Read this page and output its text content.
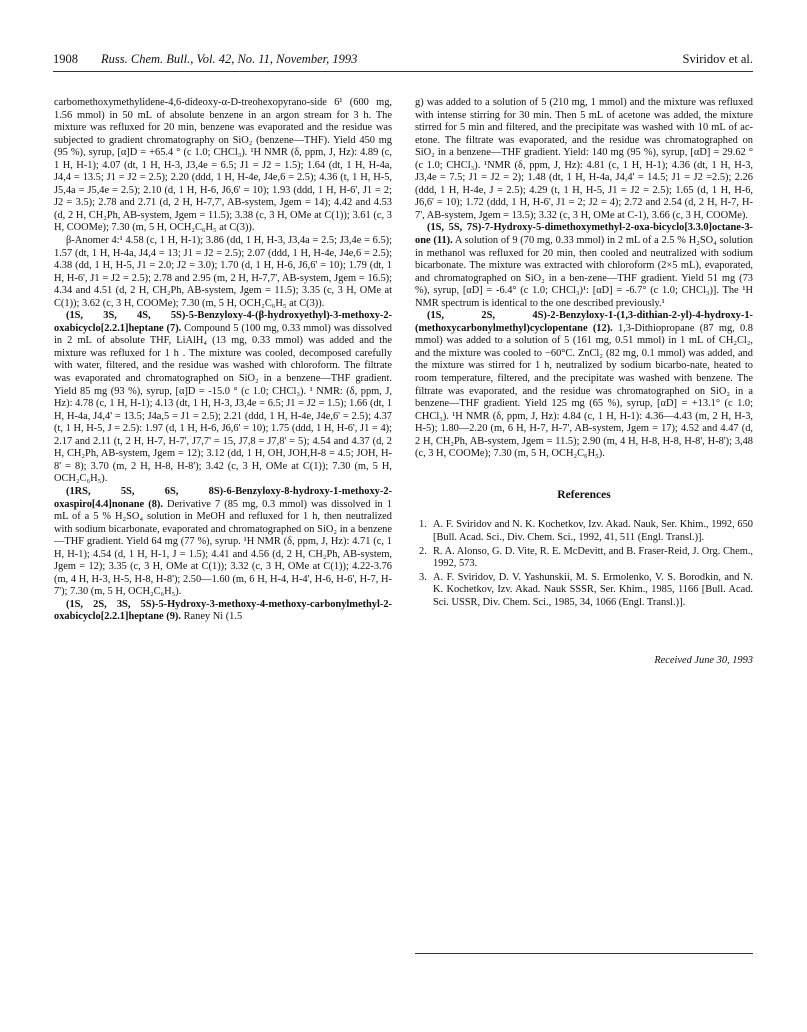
1908 Russ. Chem. Bull., Vol. 42, No. 11, November, 1993	Sviridov et al.

carbomethoxymethylidene-4,6-dideoxy-α-D-treohexopyrano-side 6¹ (600 mg, 1.56 mmol) in 50 mL of absolute benzene in an argon stream for 3 h. The mixture was refluxed for 20 min, benzene was evaporated and the residue was subjected to gradient chromatography on SiO₂ (benzene—THF). Yield 450 mg (95 %), syrup, [α]D = +65.4 ° (c 1.0; CHCl₃). ¹H NMR (δ, ppm, J, Hz): 4.89 (c, 1 H, H-1); 4.07 (dt, 1 H, H-3, J3,4e = 6.5; J1 = J2 = 1.5); 1.64 (dt, 1 H, H-4a, J4,4 = 13.5; J1 = J2 = 2.5); 2.20 (ddd, 1 H, H-4e, J4e,6 = 2.5); 4.36 (t, 1 H, H-5, J5,4a = J5,4e = 2.5); 2.10 (d, 1 H, H-6, J6,6' = 10); 1.93 (ddd, 1 H, H-6', J1 = 2; J2 = 3.5); 2.78 and 2.71 (d, 2 H, H-7,7', AB-system, Jgem = 14); 4.42 and 4.53 (d, 2 H, CH₂Ph, AB-system, Jgem = 11.5); 3.38 (c, 3 H, OMe at C(1)); 3.61 (c, 3 H, COOMe); 7.30 (m, 5 H, OCH₂C₆H₅ at C(3)).

β-Anomer 4:¹ 4.58 (c, 1 H, H-1); 3.86 (dd, 1 H, H-3, J3,4a = 2.5; J3,4e = 6.5); 1.57 (dt, 1 H, H-4a, J4,4 = 13; J1 = J2 = 2.5); 2.07 (ddd, 1 H, H-4e, J4e,6 = 2.5); 4.38 (dd, 1 H, H-5, J1 = 2.0; J2 = 3.0); 1.70 (d, 1 H, H-6, J6,6' = 10); 1.79 (dt, 1 H, H-6', J1 = J2 = 2.5); 2.78 and 2.95 (m, 2 H, H-7,7', AB-system, Jgem = 16.5); 4.34 and 4.51 (d, 2 H, CH₂Ph, AB-system, Jgem = 11.5); 3.35 (c, 3 H, OMe at C(1)); 3.62 (c, 3 H, COOMe); 7.30 (m, 5 H, OCH₂C₆H₅ at C(3)).

(1S, 3S, 4S, 5S)-5-Benzyloxy-4-(β-hydroxyethyl)-3-methoxy-2-oxabicyclo[2.2.1]heptane (7). Compound 5 (100 mg, 0.33 mmol) was dissolved in 2 mL of absolute THF, LiAlH₄ (13 mg, 0.33 mmol) was added and the mixture was refluxed for 1 h . The mixture was cooled, decomposed carefully with water, filtered, and the residue was washed with chloroform. The filtrate was evaporated and chromatographed on SiO₂ in a benzene—THF gradient. Yield 85 mg (93 %), syrup, [α]D = -15.0 ° (c 1.0; CHCl₃). ¹ NMR: (δ, ppm, J, Hz): 4.78 (c, 1 H, H-1); 4.13 (dt, 1 H, H-3, J3,4e = 6.5; J1 = J2 = 1.5); 1.66 (dt, 1 H, H-4a, J4,4' = 13.5; J4a,5 = J1 = 2.5); 2.21 (ddd, 1 H, H-4e, J4e,6' = 2.5); 4.37 (t, 1 H, H-5, J = 2.5): 1.97 (d, 1 H, H-6, J6,6' = 10); 1.75 (ddd, 1 H, H-6', J1 = 4); 2.17 and 2.11 (t, 2 H, H-7, H-7', J7,7' = 15, J7,8 = J7,8' = 5); 4.54 and 4.37 (d, 2 H, CH₂Ph, AB-system, Jgem = 12); 3.12 (dd, 1 H, OH, JOH,H-8 = 4.5; JOH, H-8' = 8); 3.70 (m, 2 H, H-8, H-8'); 3.42 (c, 3 H, OMe at C(1)); 7.30 (m, 5 H, OCH₂C₆H₅).

(1RS, 5S, 6S, 8S)-6-Benzyloxy-8-hydroxy-1-methoxy-2-oxaspiro[4.4]nonane (8). Derivative 7 (85 mg, 0.3 mmol) was dissolved in 1 mL of a 5 % H₂SO₄ solution in MeOH and refluxed for 1 h, then neutralized with sodium bicarbonate, evaporated and chromatographed on SiO₂ in a benzene—THF gradient. Yield 64 mg (77 %), syrup. ¹H NMR (δ, ppm, J, Hz): 4.71 (c, 1 H, H-1); 4.54 (d, 1 H, H-1, J = 1.5); 4.41 and 4.56 (d, 2 H, CH₂Ph, AB-system, Jgem = 12); 3.35 (c, 3 H, OMe at C(1)); 3.32 (c, 3 H, OMe at C(1)); 4.22-3.76 (m, 4 H, H-3, H-5, H-8, H-8'); 2.50—1.60 (m, 6 H, H-4, H-4', H-6, H-6', H-7, H-7'); 7.30 (m, 5 H, OCH₂C₆H₅).

(1S, 2S, 3S, 5S)-5-Hydroxy-3-methoxy-4-methoxy-carbonylmethyl-2-oxabicyclo[2.2.1]heptane (9). Raney Ni (1.5

g) was added to a solution of 5 (210 mg, 1 mmol) and the mixture was refluxed with intense stirring for 30 min. Then 5 mL of acetone was added, the mixture stirred for 5 min and filtered, and the precipitate was washed with 10 mL of ac-etone. The filtrate was evaporated, and the residue was chromatographed on SiO₂ in a benzene—THF gradient. Yield: 140 mg (95 %), syrup, [αD] = 29.62 ° (c 1.0; CHCl₃). ¹NMR (δ, ppm, J, Hz): 4.81 (c, 1 H, H-1); 4.36 (dt, 1 H, H-3, J3,4e = 7.5; J1 = J2 = 2); 1.48 (dt, 1 H, H-4a, J4,4' = 14.5; J1 = J2 =2.5); 2.26 (ddd, 1 H, H-4e, J = 2.5); 4.29 (t, 1 H, H-5, J1 = J2 = 2.5); 1.65 (d, 1 H, H-6, J6,6' = 10); 1.72 (ddd, 1 H, H-6', J1 = 2; J2 = 4); 2.72 and 2.54 (d, 2 H, H-7, H-7', AB-system, Jgem = 13.5); 3.32 (c, 3 H, OMe at C-1), 3.66 (c, 3 H, COOMe).

(1S, 5S, 7S)-7-Hydroxy-5-dimethoxymethyl-2-oxa-bicyclo[3.3.0]octane-3-one (11). A solution of 9 (70 mg, 0.33 mmol) in 2 mL of a 2.5 % H₂SO₄ solution in methanol was refluxed for 20 min, then cooled and neutralized with sodium bicarbonate. The mixture was extracted with chloroform (2×5 mL), evaporated, and chromatographed on SiO₂ in a ben-zene—THF gradient. Yield 51 mg (73 %), syrup, [αD] = -6.4° (c 1.0; CHCl₃)¹: [αD] = -6.7° (c 1.0; CHCl₃)]. The ¹H NMR spectrum is identical to the one described previously.¹

(1S, 2S, 4S)-2-Benzyloxy-1-(1,3-dithian-2-yl)-4-hydroxy-1-(methoxycarbonylmethyl)cyclopentane (12). 1,3-Dithiopropane (87 mg, 0.8 mmol) was added to a solution of 5 (161 mg, 0.51 mmol) in 1 mL of CH₂Cl₂, and the mixture was cooled to −60°C. ZnCl₂ (82 mg, 0.1 mmol) was added, and the mixture was stirred for 1 h, neutralized by sodium bicarbo-nate, heated to room temperature, filtered, and the precipitate was washed with benzene. The filtrate was evaporated, and the residue was chromatographed on SiO₂ in a benzene—THF gradient. Yield 125 mg (65 %), syrup, [αD] = +13.1° (c 1.0; CHCl₃). ¹H NMR (δ, ppm, J, Hz): 4.84 (c, 1 H, H-1): 4.36—4.43 (m, 2 H, H-3, H-5); 1.80—2.20 (m, 6 H, H-7, H-7', AB-system, Jgem = 17); 4.52 and 4.47 (d, 2 H, CH₂Ph, AB-system, Jgem = 11.5); 2.90 (m, 4 H, H-8, H-8, H-8', H-8'); 3,48 (c, 3 H, COOMe); 7.30 (m, 5 H, OCH₂C₆H₅).

References
1. A. F. Sviridov and N. K. Kochetkov, Izv. Akad. Nauk, Ser. Khim., 1992, 650 [Bull. Acad. Sci., Div. Chem. Sci., 1992, 41, 511 (Engl. Transl.)].
2. R. A. Alonso, G. D. Vite, R. E. McDevitt, and B. Fraser-Reid, J. Org. Chem., 1992, 573.
3. A. F. Sviridov, D. V. Yashunskii, M. S. Ermolenko, V. S. Borodkin, and N. K. Kochetkov, Izv. Akad. Nauk SSSR, Ser. Khim., 1985, 1166 [Bull. Acad. Sci. USSR, Div. Chem. Sci., 1985, 34, 1066 (Engl. Transl.)].
Received June 30, 1993
